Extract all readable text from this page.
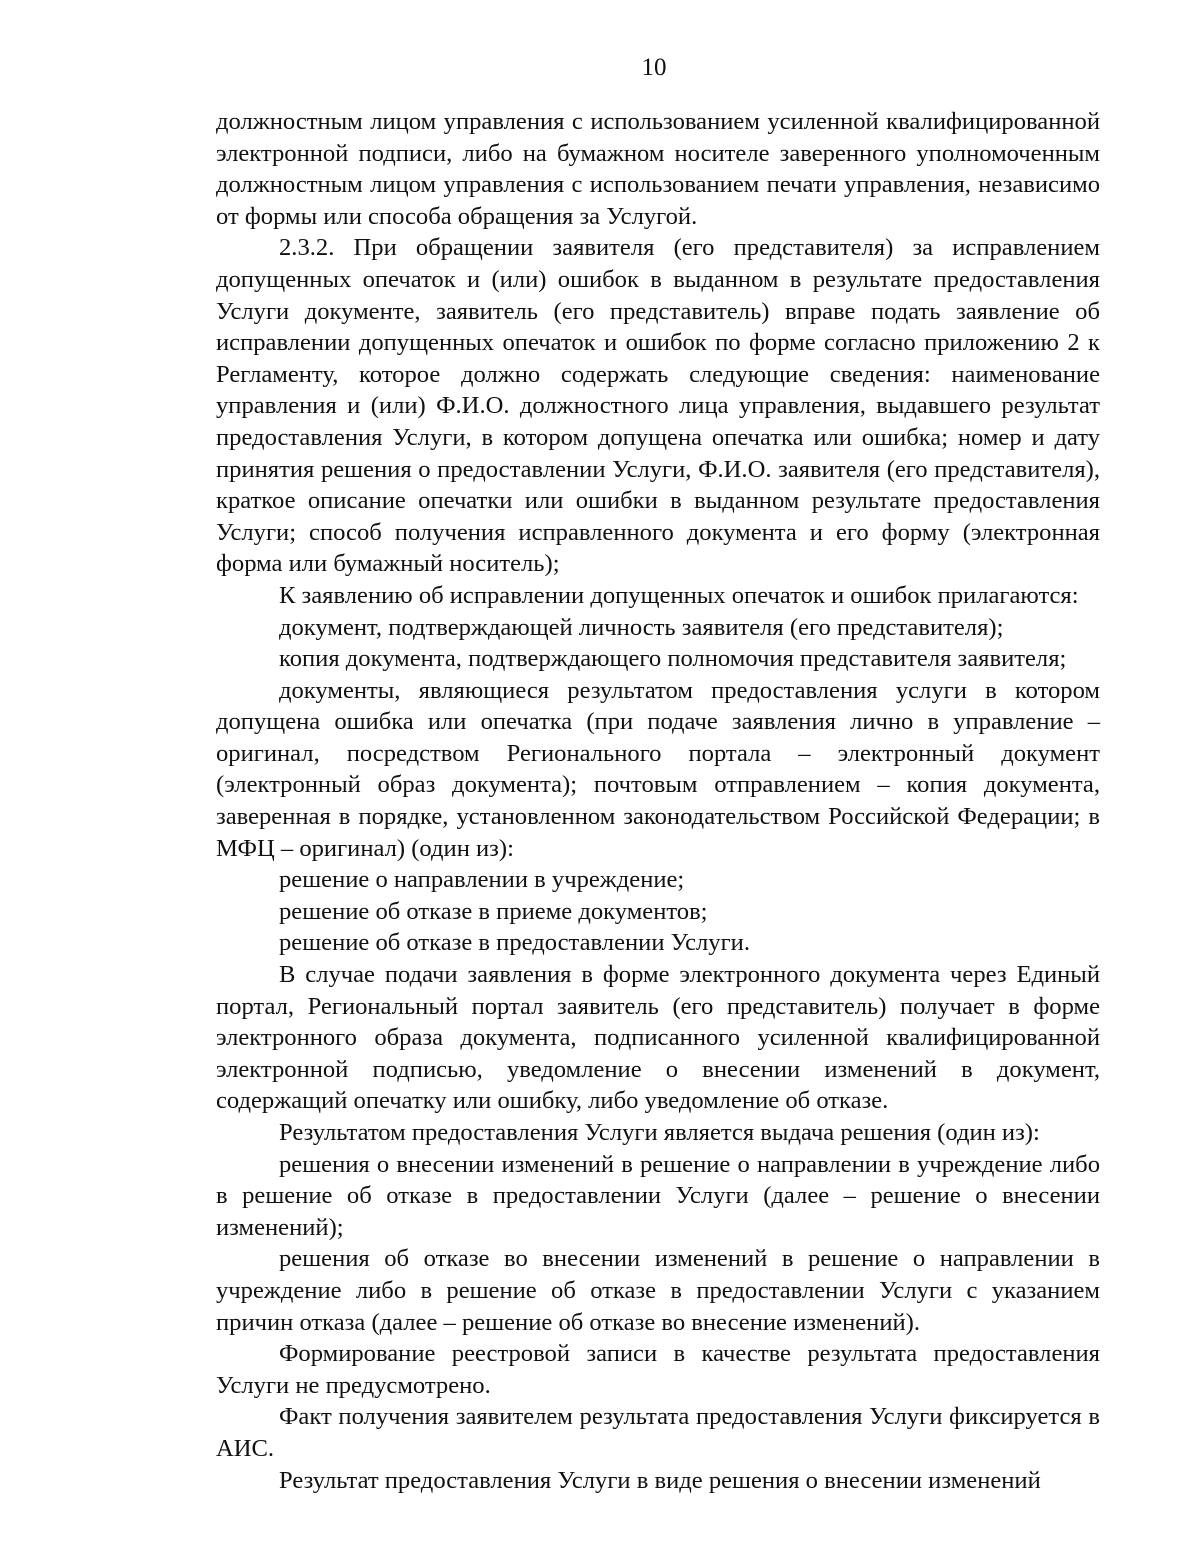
10

должностным лицом управления с использованием усиленной квалифицированной электронной подписи, либо на бумажном носителе заверенного уполномоченным должностным лицом управления с использованием печати управления, независимо от формы или способа обращения за Услугой.

2.3.2. При обращении заявителя (его представителя) за исправлением допущенных опечаток и (или) ошибок в выданном в результате предоставления Услуги документе, заявитель (его представитель) вправе подать заявление об исправлении допущенных опечаток и ошибок по форме согласно приложению 2 к Регламенту, которое должно содержать следующие сведения: наименование управления и (или) Ф.И.О. должностного лица управления, выдавшего результат предоставления Услуги, в котором допущена опечатка или ошибка; номер и дату принятия решения о предоставлении Услуги, Ф.И.О. заявителя (его представителя), краткое описание опечатки или ошибки в выданном результате предоставления Услуги; способ получения исправленного документа и его форму (электронная форма или бумажный носитель);

К заявлению об исправлении допущенных опечаток и ошибок прилагаются:

документ, подтверждающей личность заявителя (его представителя);

копия документа, подтверждающего полномочия представителя заявителя;

документы, являющиеся результатом предоставления услуги в котором допущена ошибка или опечатка (при подаче заявления лично в управление – оригинал, посредством Регионального портала – электронный документ (электронный образ документа); почтовым отправлением – копия документа, заверенная в порядке, установленном законодательством Российской Федерации; в МФЦ – оригинал) (один из):

решение о направлении в учреждение;

решение об отказе в приеме документов;

решение об отказе в предоставлении Услуги.

В случае подачи заявления в форме электронного документа через Единый портал, Региональный портал заявитель (его представитель) получает в форме электронного образа документа, подписанного усиленной квалифицированной электронной подписью, уведомление о внесении изменений в документ, содержащий опечатку или ошибку, либо уведомление об отказе.

Результатом предоставления Услуги является выдача решения (один из):

решения о внесении изменений в решение о направлении в учреждение либо в решение об отказе в предоставлении Услуги (далее – решение о внесении изменений);

решения об отказе во внесении изменений в решение о направлении в учреждение либо в решение об отказе в предоставлении Услуги с указанием причин отказа (далее – решение об отказе во внесение изменений).

Формирование реестровой записи в качестве результата предоставления Услуги не предусмотрено.

Факт получения заявителем результата предоставления Услуги фиксируется в АИС.

Результат предоставления Услуги в виде решения о внесении изменений
